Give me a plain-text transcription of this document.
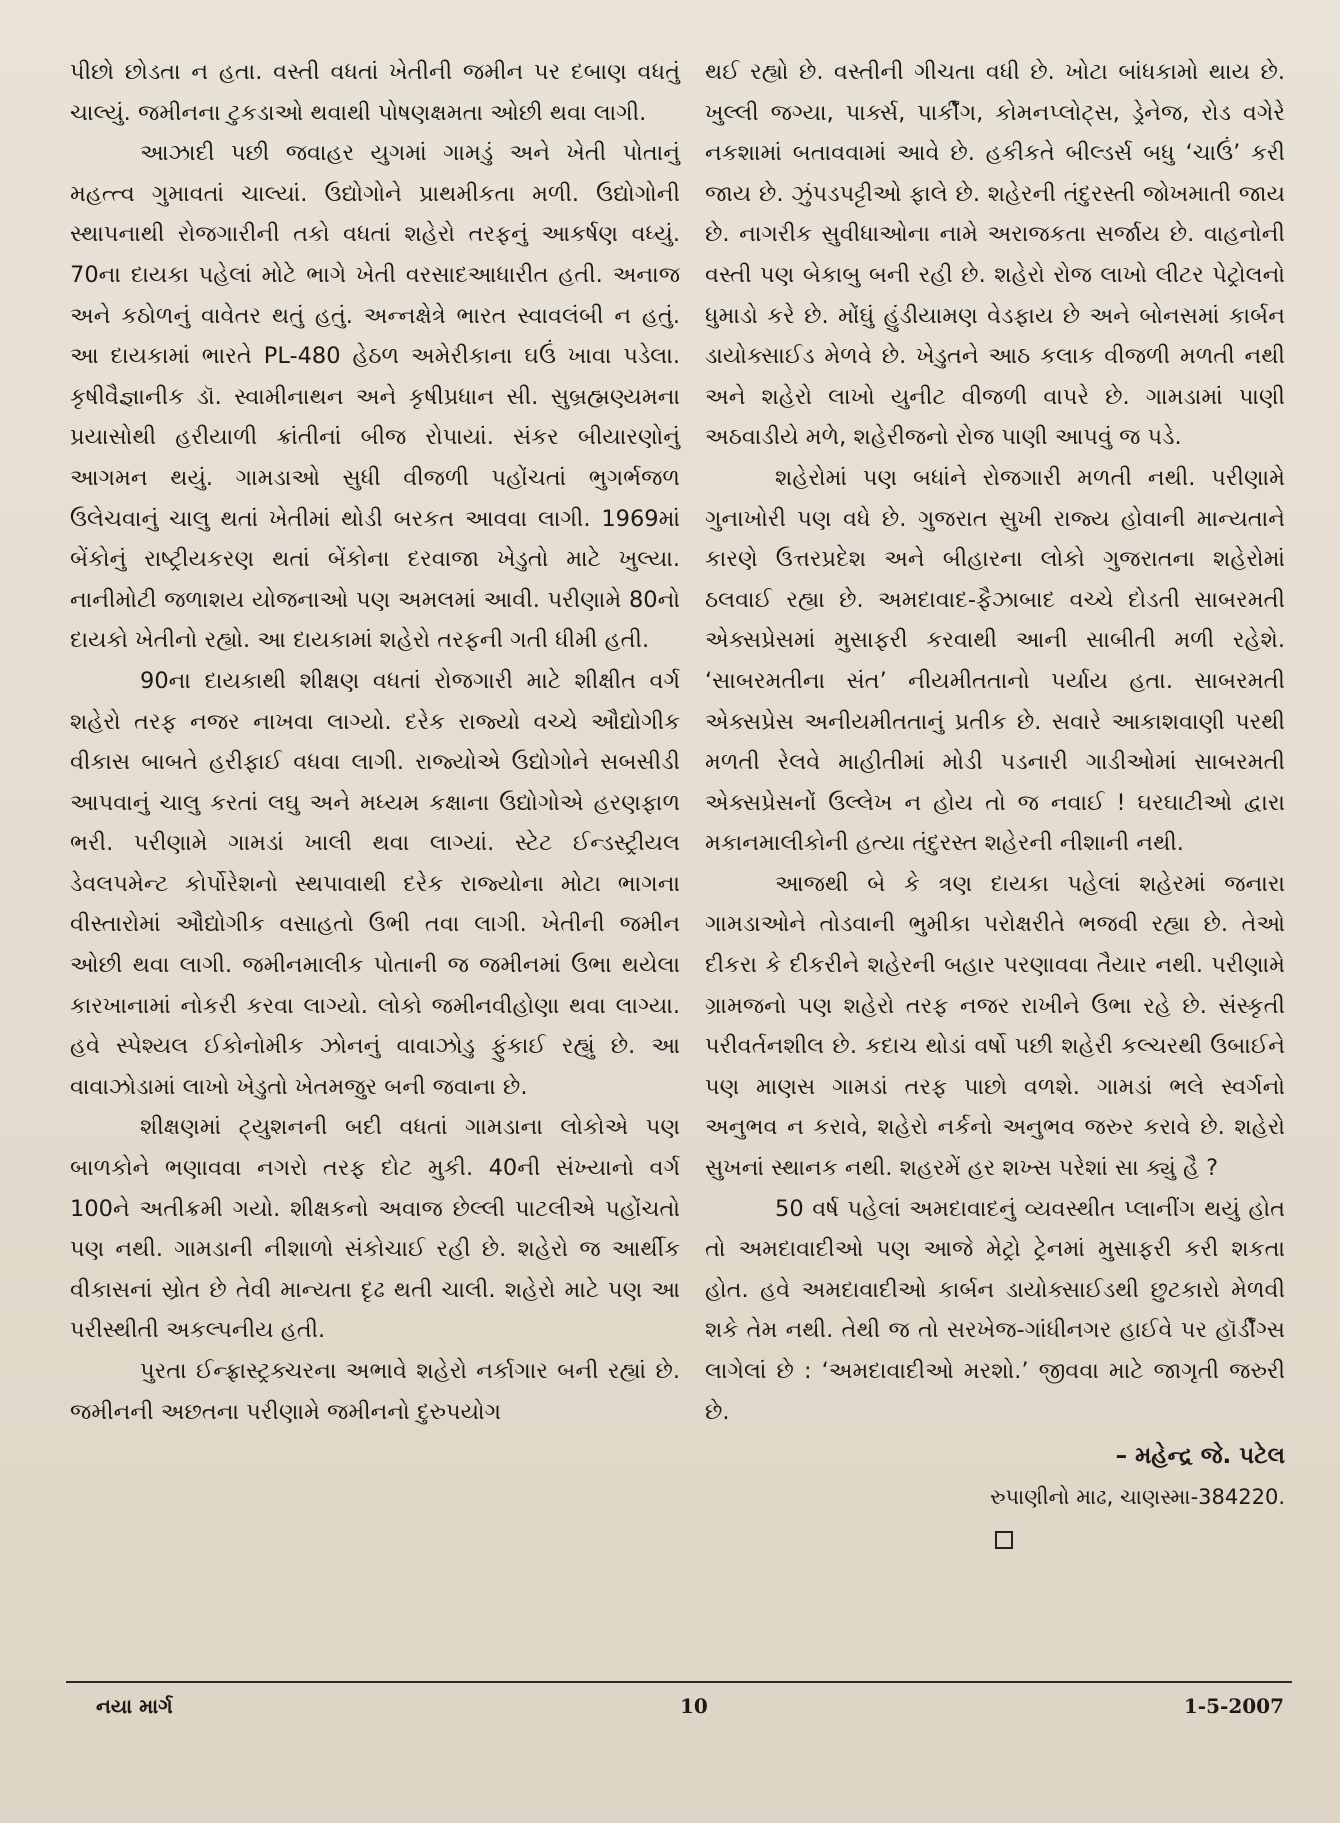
પીછો છોડતા ન હતા. વસ્તી વધતાં ખેતીની જમીન પર દબાણ વધતું ચાલ્યું. જમીનના ટુકડાઓ થવાથી પોષણક્ષમતા ઓછી થવા લાગી.

આઝાદી પછી જવાહર યુગમાં ગામડું અને ખેતી પોતાનું મહત્ત્વ ગુમાવતાં ચાલ્યાં. ઉદ્યોગોને પ્રાથમીકતા મળી. ઉદ્યોગોની સ્થાપનાથી રોજગારીની તકો વધતાં શહેરો તરફનું આકર્ષણ વધ્યું. 70ના દાયકા પહેલાં મોટે ભાગે ખેતી વરસાદઆધારીત હતી. અનાજ અને કઠોળનું વાવેતર થતું હતું. અન્નક્ષેત્રે ભારત સ્વાવલંબી ન હતું. આ દાયકામાં ભારતે PL-480 હેઠળ અમેરીકાના ઘઉં ખાવા પડેલા. કૃષીવૈજ્ઞાનીક ડૉ. સ્વામીનાથન અને કૃષીપ્રધાન સી. સુબ્રહ્મણ્યમના પ્રયાસોથી હરીયાળી ક્રાંતીનાં બીજ રોપાયાં. સંકર બીયારણોનું આગમન થયું. ગામડાઓ સુધી વીજળી પહોંચતાં ભુગર્ભજળ ઉલેચવાનું ચાલુ થતાં ખેતીમાં થોડી બરકત આવવા લાગી. 1969માં બેંકોનું રાષ્ટ્રીયકરણ થતાં બેંકોના દરવાજા ખેડુતો માટે ખુલ્યા. નાનીમોટી જળાશય યોજનાઓ પણ અમલમાં આવી. પરીણામે 80નો દાયકો ખેતીનો રહ્યો. આ દાયકામાં શહેરો તરફની ગતી ધીમી હતી.

90ના દાયકાથી શીક્ષણ વધતાં રોજગારી માટે શીક્ષીત વર્ગ શહેરો તરફ નજર નાખવા લાગ્યો. દરેક રાજ્યો વચ્ચે ઔદ્યોગીક વીકાસ બાબતે હરીફાઈ વધવા લાગી. રાજ્યોએ ઉદ્યોગોને સબસીડી આપવાનું ચાલુ કરતાં લઘુ અને મધ્યમ કક્ષાના ઉદ્યોગોએ હરણફાળ ભરી. પરીણામે ગામડાં ખાલી થવા લાગ્યાં. સ્ટેટ ઈન્ડસ્ટ્રીયલ ડેવલપમેન્ટ કોર્પોરેશનો સ્થપાવાથી દરેક રાજ્યોના મોટા ભાગના વીસ્તારોમાં ઔદ્યોગીક વસાહતો ઉભી તવા લાગી. ખેતીની જમીન ઓછી થવા લાગી. જમીનમાલીક પોતાની જ જમીનમાં ઉભા થયેલા કારખાનામાં નોકરી કરવા લાગ્યો. લોકો જમીનવીહોણા થવા લાગ્યા. હવે સ્પેશ્યલ ઈકોનોમીક ઝોનનું વાવાઝોડુ ફુંકાઈ રહ્યું છે. આ વાવાઝોડામાં લાખો ખેડુતો ખેતમજુર બની જવાના છે.

શીક્ષણમાં ટ્યુશનની બદી વધતાં ગામડાના લોકોએ પણ બાળકોને ભણાવવા નગરો તરફ દોટ મુકી. 40ની સંખ્યાનો વર્ગ 100ને અતીક્રમી ગયો. શીક્ષકનો અવાજ છેલ્લી પાટલીએ પહોંચતો પણ નથી. ગામડાની નીશાળો સંકોચાઈ રહી છે. શહેરો જ આર્થીક વીકાસનાં સ્રોત છે તેવી માન્યતા દૃઢ થતી ચાલી. શહેરો માટે પણ આ પરીસ્થીતી અકલ્પનીય હતી.

પુરતા ઈન્ફ્રાસ્ટ્રક્ચરના અભાવે શહેરો નર્કાગાર બની રહ્યાં છે. જમીનની અછતના પરીણામે જમીનનો દુરુપયોગ

થઈ રહ્યો છે. વસ્તીની ગીચતા વધી છે. ખોટા બાંધકામો થાય છે. ખુલ્લી જગ્યા, પાર્ક્સ, પાર્કીંગ, કોમનપ્લોટ્સ, ડ્રેનેજ, રોડ વગેરે નકશામાં બતાવવામાં આવે છે. હકીકતે બીલ્ડર્સ બધુ ‘ચાઉં’ કરી જાય છે. ઝુંપડપટ્ટીઓ ફાલે છે. શહેરની તંદુરસ્તી જોખમાતી જાય છે. નાગરીક સુવીધાઓના નામે અરાજકતા સર્જાય છે. વાહનોની વસ્તી પણ બેકાબુ બની રહી છે. શહેરો રોજ લાખો લીટર પેટ્રોલનો ધુમાડો કરે છે. મોંઘું હુંડીયામણ વેડફાય છે અને બોનસમાં કાર્બન ડાયોક્સાઈડ મેળવે છે. ખેડુતને આઠ કલાક વીજળી મળતી નથી અને શહેરો લાખો યુનીટ વીજળી વાપરે છે. ગામડામાં પાણી અઠવાડીયે મળે, શહેરીજનો રોજ પાણી આપવું જ પડે.

શહેરોમાં પણ બધાંને રોજગારી મળતી નથી. પરીણામે ગુનાખોરી પણ વધે છે. ગુજરાત સુખી રાજ્ય હોવાની માન્યતાને કારણે ઉત્તરપ્રદેશ અને બીહારના લોકો ગુજરાતના શહેરોમાં ઠલવાઈ રહ્યા છે. અમદાવાદ-ફૈઝાબાદ વચ્ચે દોડતી સાબરમતી એક્સપ્રેસમાં મુસાફરી કરવાથી આની સાબીતી મળી રહેશે. ‘સાબરમતીના સંત’ નીયમીતતાનો પર્યાય હતા. સાબરમતી એક્સપ્રેસ અનીયમીતતાનું પ્રતીક છે. સવારે આકાશવાણી પરથી મળતી રેલવે માહીતીમાં મોડી પડનારી ગાડીઓમાં સાબરમતી એક્સપ્રેસનોં ઉલ્લેખ ન હોય તો જ નવાઈ ! ઘરઘાટીઓ દ્વારા મકાનમાલીકોની હત્યા તંદુરસ્ત શહેરની નીશાની નથી.

આજથી બે કે ત્રણ દાયકા પહેલાં શહેરમાં જનારા ગામડાઓને તોડવાની ભુમીકા પરોક્ષરીતે ભજવી રહ્યા છે. તેઓ દીકરા કે દીકરીને શહેરની બહાર પરણાવવા તૈયાર નથી. પરીણામે ગ્રામજનો પણ શહેરો તરફ નજર રાખીને ઉભા રહે છે. સંસ્કૃતી પરીવર્તનશીલ છે. કદાચ થોડાં વર્ષો પછી શહેરી કલ્ચરથી ઉબાઈને પણ માણસ ગામડાં તરફ પાછો વળશે. ગામડાં ભલે સ્વર્ગનો અનુભવ ન કરાવે, શહેરો નર્કનો અનુભવ જરુર કરાવે છે. શહેરો સુખનાં સ્થાનક નથી. શહરમેં હર શખ્સ પરેશાં સા ક્યું હૈ ?

50 વર્ષ પહેલાં અમદાવાદનું વ્યવસ્થીત પ્લાનીંગ થયું હોત તો અમદાવાદીઓ પણ આજે મેટ્રો ટ્રેનમાં મુસાફરી કરી શકતા હોત. હવે અમદાવાદીઓ કાર્બન ડાયોક્સાઈડથી છુટકારો મેળવી શકે તેમ નથી. તેથી જ તો સરખેજ-ગાંધીનગર હાઈવે પર હૉર્ડીંગ્સ લાગેલાં છે : ‘અમદાવાદીઓ મરશો.’ જીવવા માટે જાગૃતી જરુરી છે.

– મહેન્દ્ર જે. પટેલ
રુપાણીનો માઢ, ચાણસ્મા-384220.
નયા માર્ગ	10	1-5-2007
